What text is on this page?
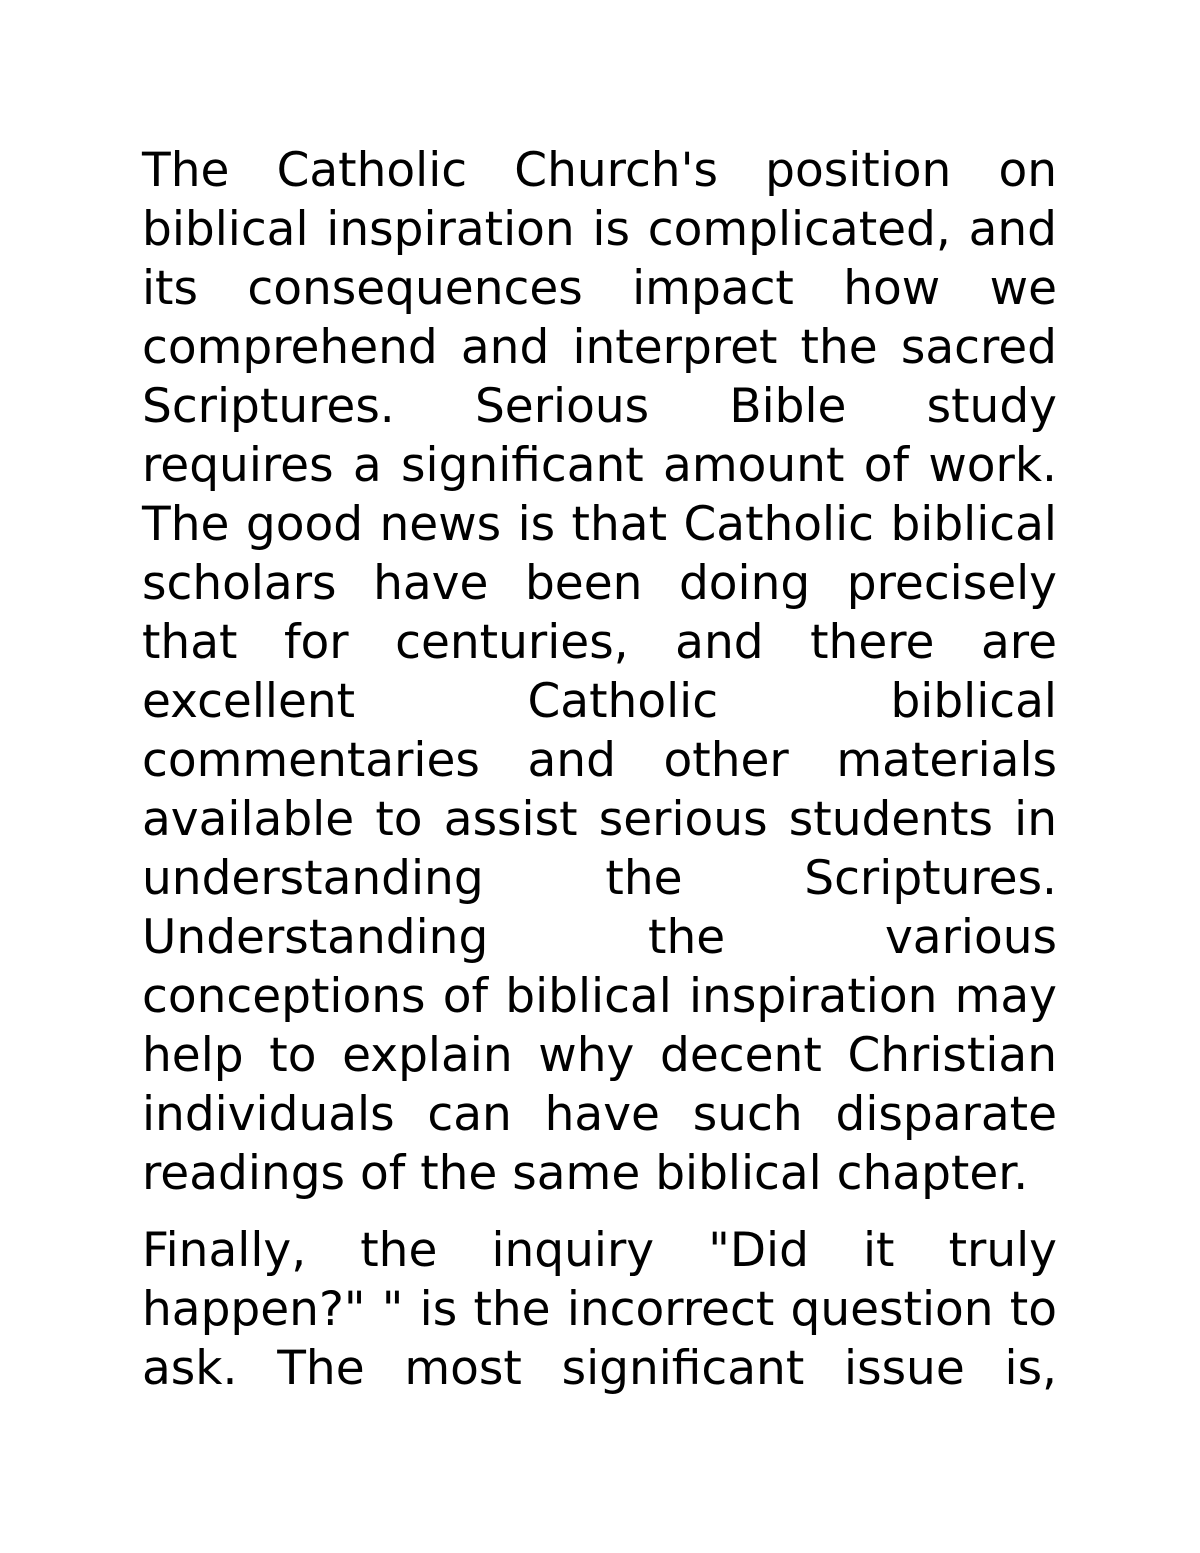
The Catholic Church's position on biblical inspiration is complicated, and its consequences impact how we comprehend and interpret the sacred Scriptures. Serious Bible study requires a significant amount of work. The good news is that Catholic biblical scholars have been doing precisely that for centuries, and there are excellent Catholic biblical commentaries and other materials available to assist serious students in understanding the Scriptures. Understanding the various conceptions of biblical inspiration may help to explain why decent Christian individuals can have such disparate readings of the same biblical chapter.

Finally, the inquiry "Did it truly happen?" " is the incorrect question to ask. The most significant issue is,
